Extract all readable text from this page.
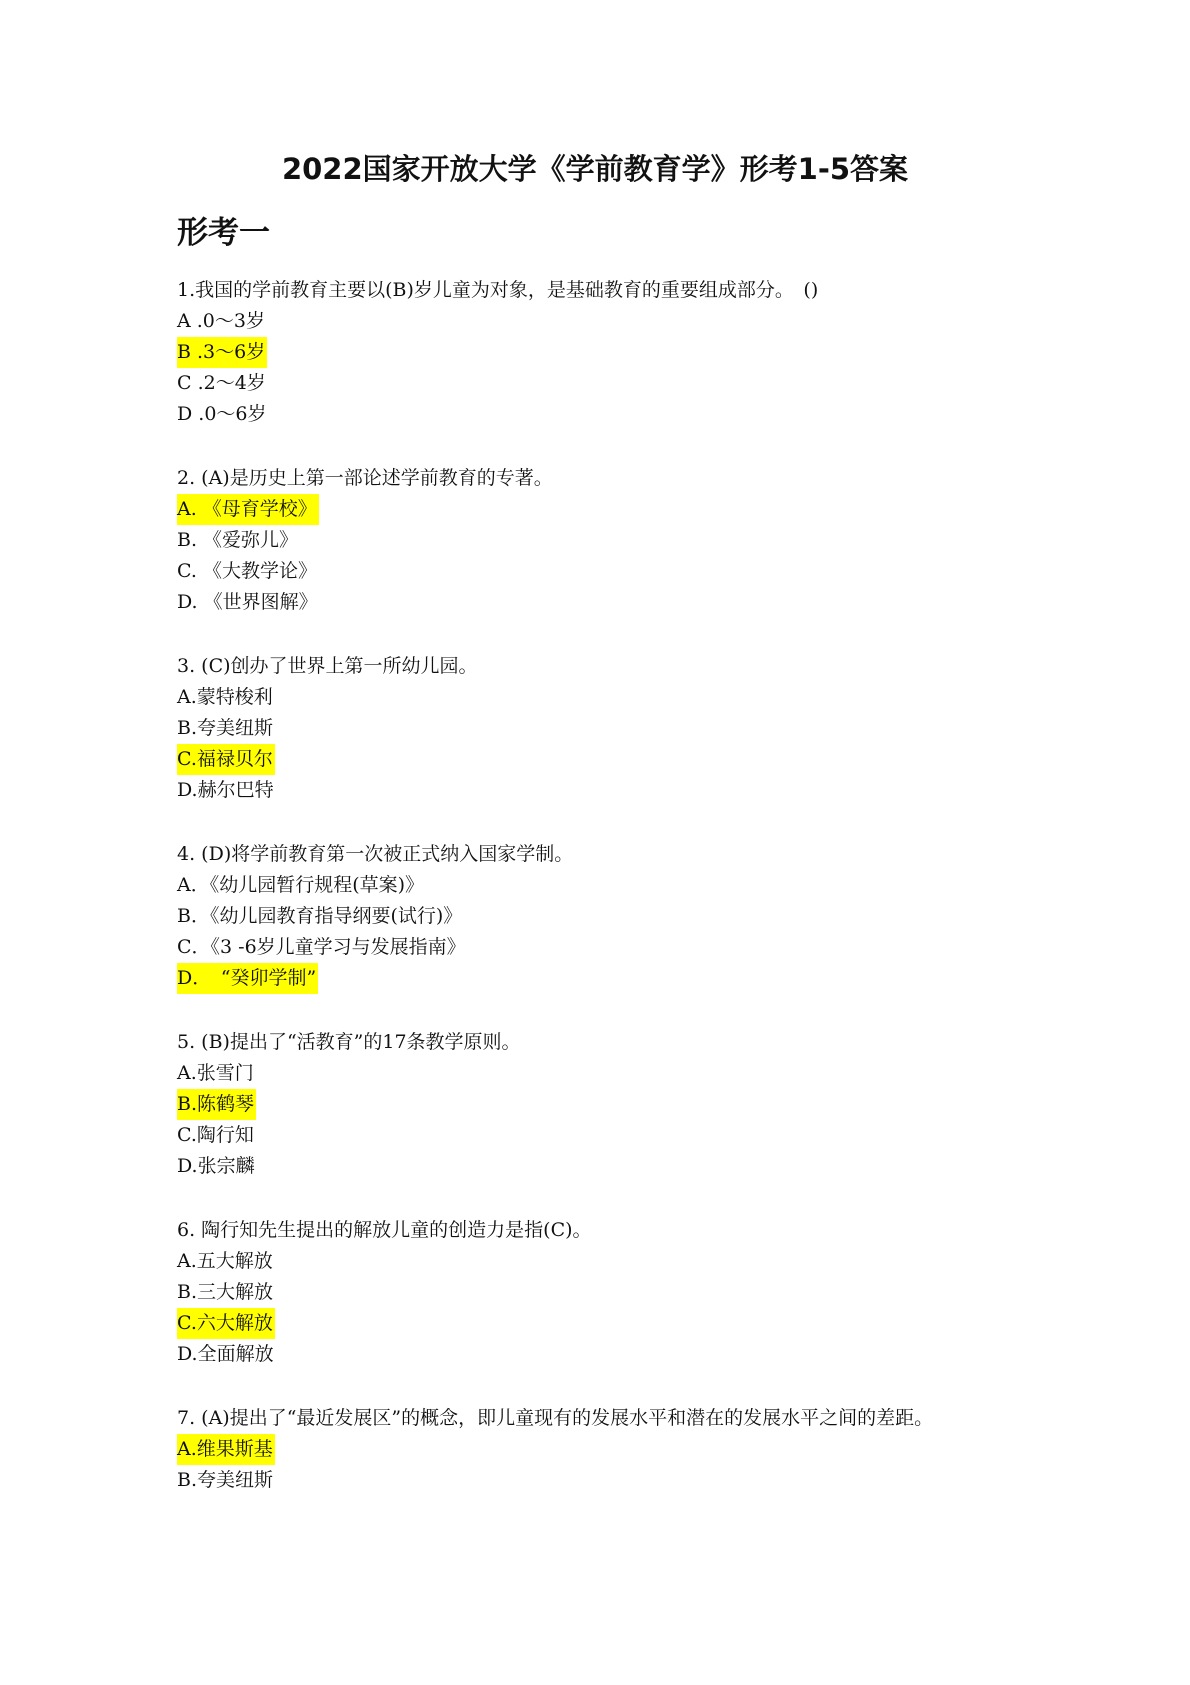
2022国家开放大学《学前教育学》形考1-5答案
形考一

1.我国的学前教育主要以(B)岁儿童为对象，是基础教育的重要组成部分。　()

A .0～3岁
B .3～6岁
C .2～4岁
D .0～6岁

2. (A)是历史上第一部论述学前教育的专著。

A. 《母育学校》
B. 《爱弥儿》
C. 《大教学论》
D. 《世界图解》

3. (C)创办了世界上第一所幼儿园。

A.蒙特梭利
B.夸美纽斯
C.福禄贝尔
D.赫尔巴特

4. (D)将学前教育第一次被正式纳入国家学制。

A．《幼儿园暂行规程(草案)》
B．《幼儿园教育指导纲要(试行)》
C．《3 -6岁儿童学习与发展指南》
D．　“癸卯学制”

5. (B)提出了“活教育”的17条教学原则。

A.张雪门
B.陈鹤琴
C.陶行知
D.张宗麟

6. 陶行知先生提出的解放儿童的创造力是指(C)。

A.五大解放
B.三大解放
C.六大解放
D.全面解放

7. (A)提出了“最近发展区”的概念，即儿童现有的发展水平和潜在的发展水平之间的差距。

A.维果斯基
B.夸美纽斯
